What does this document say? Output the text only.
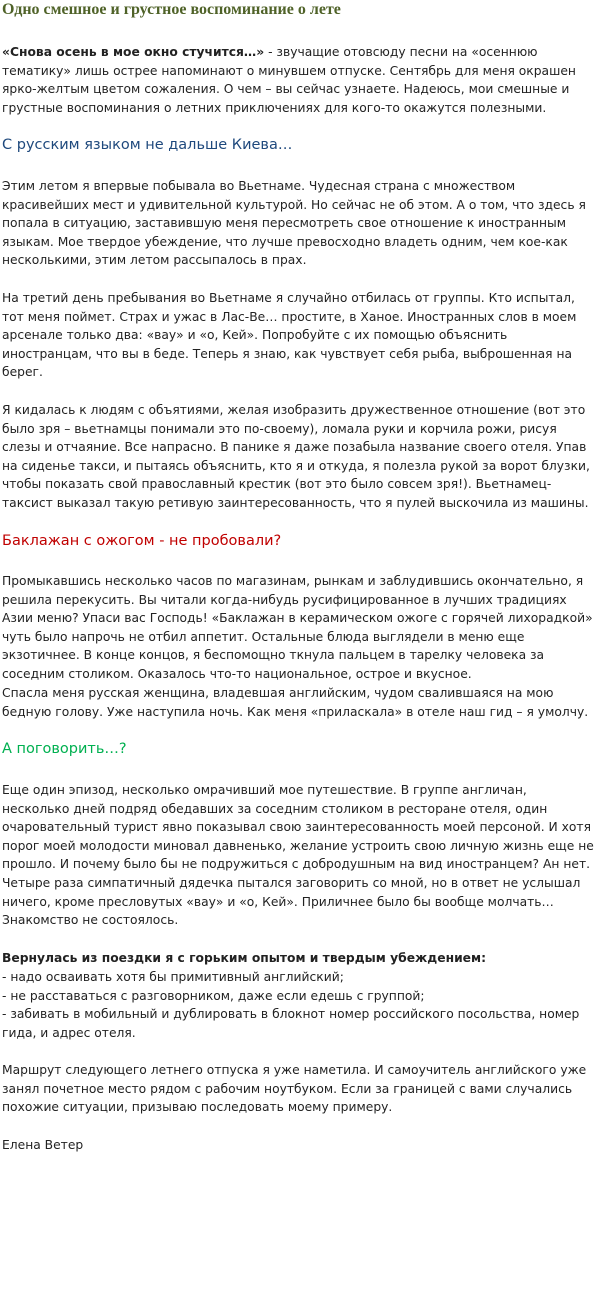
Одно смешное и грустное воспоминание о лете
«Снова осень в мое окно стучится…» - звучащие отовсюду песни на «осеннюю тематику» лишь острее напоминают о минувшем отпуске. Сентябрь для меня окрашен ярко-желтым цветом сожаления. О чем – вы сейчас узнаете. Надеюсь, мои смешные и грустные воспоминания о летних приключениях для кого-то окажутся полезными.
С русским языком не дальше Киева…
Этим летом я впервые побывала во Вьетнаме. Чудесная страна с множеством красивейших мест и удивительной культурой. Но сейчас не об этом. А о том, что здесь я попала в ситуацию, заставившую меня пересмотреть свое отношение к иностранным языкам. Мое твердое убеждение, что лучше превосходно владеть одним, чем кое-как несколькими, этим летом рассыпалось в прах.
На третий день пребывания во Вьетнаме я случайно отбилась от группы. Кто испытал, тот меня поймет. Страх и ужас в Лас-Ве… простите, в Ханое. Иностранных слов в моем арсенале только два: «вау» и «о, Кей». Попробуйте с их помощью объяснить иностранцам, что вы в беде. Теперь я знаю, как чувствует себя рыба, выброшенная на берег.
Я кидалась к людям с объятиями, желая изобразить дружественное отношение (вот это было зря – вьетнамцы понимали это по-своему), ломала руки и корчила рожи, рисуя слезы и отчаяние. Все напрасно. В панике я даже позабыла название своего отеля. Упав на сиденье такси, и пытаясь объяснить, кто я и откуда, я полезла рукой за ворот блузки, чтобы показать свой православный крестик (вот это было совсем зря!). Вьетнамец-таксист выказал такую ретивую заинтересованность, что я пулей выскочила из машины.
Баклажан с ожогом - не пробовали?
Промыкавшись несколько часов по магазинам, рынкам и заблудившись окончательно, я решила перекусить. Вы читали когда-нибудь русифицированное в лучших традициях Азии меню? Упаси вас Господь! «Баклажан в керамическом ожоге с горячей лихорадкой» чуть было напрочь не отбил аппетит. Остальные блюда выглядели в меню еще экзотичнее. В конце концов, я беспомощно ткнула пальцем в тарелку человека за соседним столиком. Оказалось что-то национальное, острое и вкусное.
Спасла меня русская женщина, владевшая английским, чудом свалившаяся на мою бедную голову. Уже наступила ночь. Как меня «приласкала» в отеле наш гид – я умолчу.
А поговорить…?
Еще один эпизод, несколько омрачивший мое путешествие. В группе англичан, несколько дней подряд обедавших за соседним столиком в ресторане отеля, один очаровательный турист явно показывал свою заинтересованность моей персоной. И хотя порог моей молодости миновал давненько, желание устроить свою личную жизнь еще не прошло. И почему было бы не подружиться с добродушным на вид иностранцем? Ан нет. Четыре раза симпатичный дядечка пытался заговорить со мной, но в ответ не услышал ничего, кроме пресловутых «вау» и «о, Кей». Приличнее было бы вообще молчать… Знакомство не состоялось.
Вернулась из поездки я с горьким опытом и твердым убеждением:
- надо осваивать хотя бы примитивный английский;
- не расставаться с разговорником, даже если едешь с группой;
- забивать в мобильный и дублировать в блокнот номер российского посольства, номер гида, и адрес отеля.
Маршрут следующего летнего отпуска я уже наметила. И самоучитель английского уже занял почетное место рядом с рабочим ноутбуком. Если за границей с вами случались похожие ситуации, призываю последовать моему примеру.
Елена Ветер
